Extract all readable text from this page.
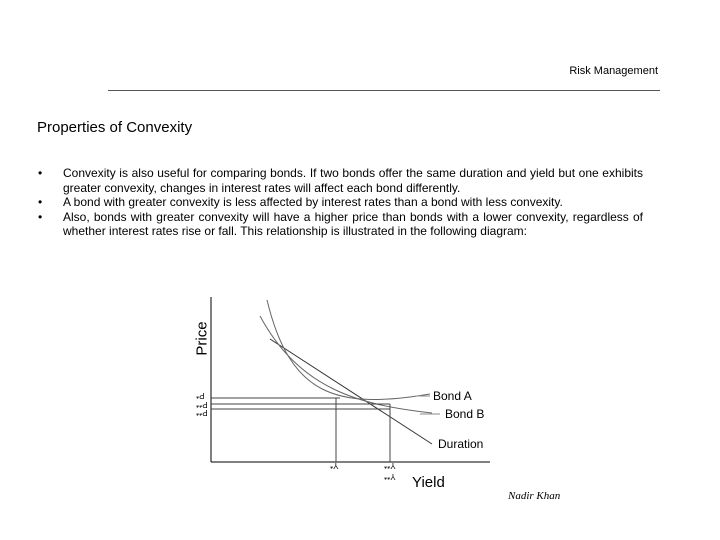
Risk Management
Properties of Convexity
• Convexity is also useful for comparing bonds. If two bonds offer the same duration and yield but one exhibits greater convexity, changes in interest rates will affect each bond differently.
• A bond with greater convexity is less affected by interest rates than a bond with less convexity.
• Also, bonds with greater convexity will have a higher price than bonds with a lower convexity, regardless of whether interest rates rise or fall. This relationship is illustrated in the following diagram:
Price
Bond A
Bond B
Duration
P*
P**
P**
Y*	Y**
Y** Yield
Nadir Khan
